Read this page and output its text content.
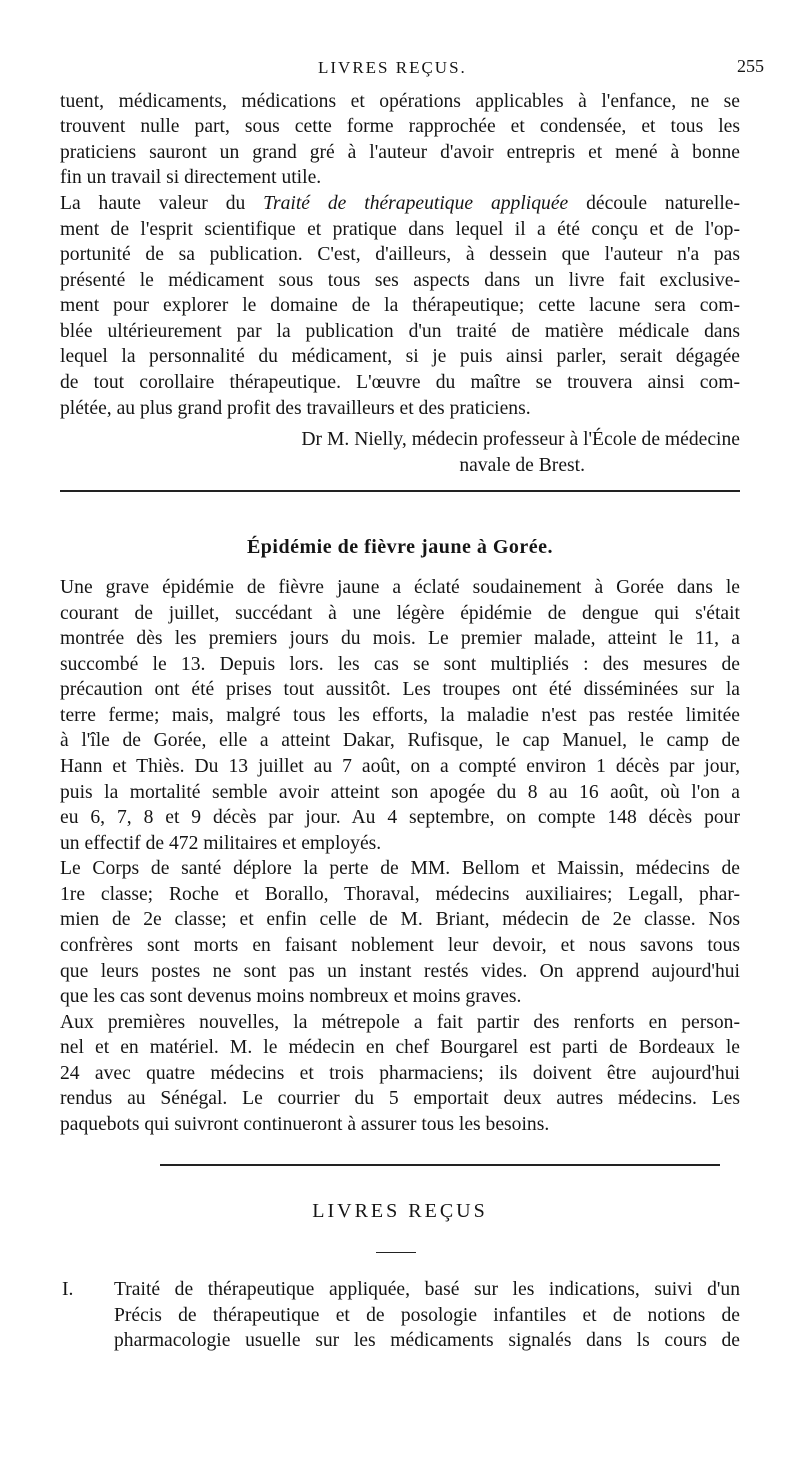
LIVRES REÇUS.	255
tuent, médicaments, médications et opérations applicables à l'enfance, ne se
trouvent nulle part, sous cette forme rapprochée et condensée, et tous les
praticiens sauront un grand gré à l'auteur d'avoir entrepris et mené à bonne
fin un travail si directement utile.
La haute valeur du Traité de thérapeutique appliquée découle naturelle-
ment de l'esprit scientifique et pratique dans lequel il a été conçu et de l'op-
portunité de sa publication. C'est, d'ailleurs, à dessein que l'auteur n'a pas
présenté le médicament sous tous ses aspects dans un livre fait exclusive-
ment pour explorer le domaine de la thérapeutique; cette lacune sera com-
blée ultérieurement par la publication d'un traité de matière médicale dans
lequel la personnalité du médicament, si je puis ainsi parler, serait dégagée
de tout corollaire thérapeutique. L'œuvre du maître se trouvera ainsi com-
plétée, au plus grand profit des travailleurs et des praticiens.
Dr M. Nielly, médecin professeur à l'École de médecine
navale de Brest.
Épidémie de fièvre jaune à Gorée.
Une grave épidémie de fièvre jaune a éclaté soudainement à Gorée dans le
courant de juillet, succédant à une légère épidémie de dengue qui s'était
montrée dès les premiers jours du mois. Le premier malade, atteint le 11, a
succombé le 13. Depuis lors. les cas se sont multipliés : des mesures de
précaution ont été prises tout aussitôt. Les troupes ont été disséminées sur la
terre ferme; mais, malgré tous les efforts, la maladie n'est pas restée limitée
à l'île de Gorée, elle a atteint Dakar, Rufisque, le cap Manuel, le camp de
Hann et Thiès. Du 13 juillet au 7 août, on a compté environ 1 décès par jour,
puis la mortalité semble avoir atteint son apogée du 8 au 16 août, où l'on a
eu 6, 7, 8 et 9 décès par jour. Au 4 septembre, on compte 148 décès pour
un effectif de 472 militaires et employés.
Le Corps de santé déplore la perte de MM. Bellom et Maissin, médecins de
1re classe; Roche et Borallo, Thoraval, médecins auxiliaires; Legall, phar-
mien de 2e classe; et enfin celle de M. Briant, médecin de 2e classe. Nos
confrères sont morts en faisant noblement leur devoir, et nous savons tous
que leurs postes ne sont pas un instant restés vides. On apprend aujourd'hui
que les cas sont devenus moins nombreux et moins graves.
Aux premières nouvelles, la métrepole a fait partir des renforts en person-
nel et en matériel. M. le médecin en chef Bourgarel est parti de Bordeaux le
24 avec quatre médecins et trois pharmaciens; ils doivent être aujourd'hui
rendus au Sénégal. Le courrier du 5 emportait deux autres médecins. Les
paquebots qui suivront continueront à assurer tous les besoins.
LIVRES REÇUS
I. Traité de thérapeutique appliquée, basé sur les indications, suivi d'un
Précis de thérapeutique et de posologie infantiles et de notions de
pharmacologie usuelle sur les médicaments signalés dans ls cours de
